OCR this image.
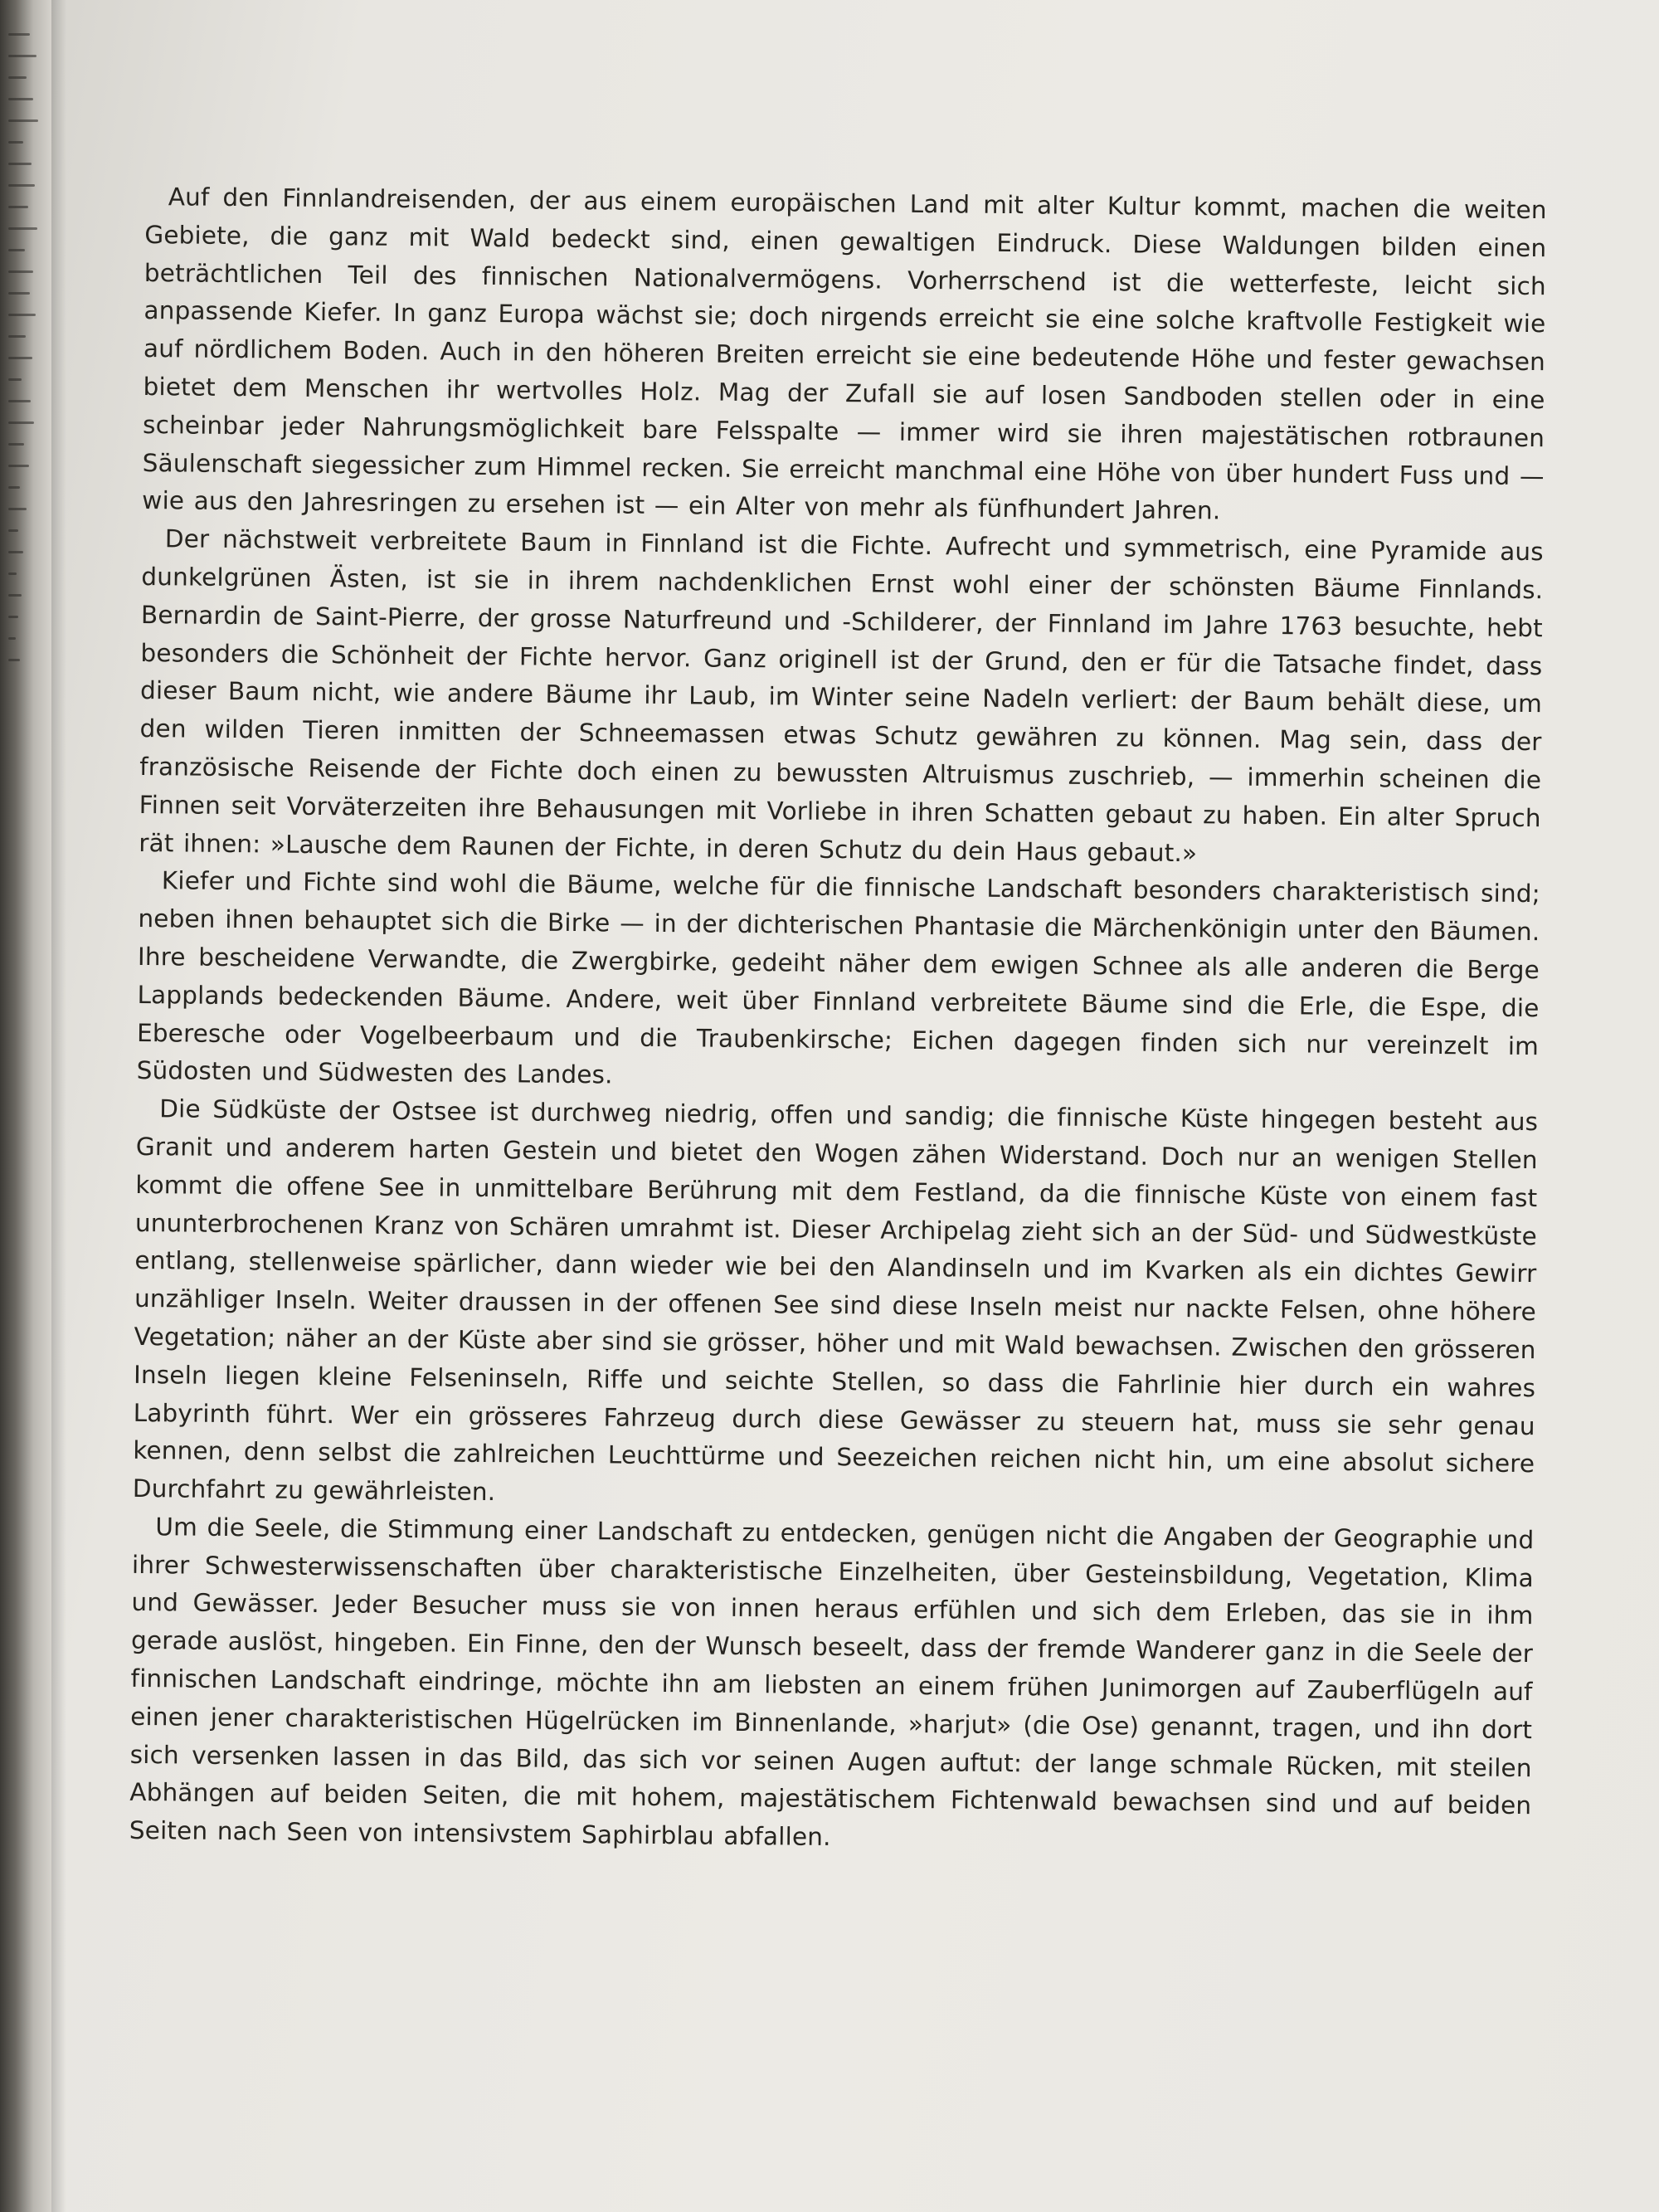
Auf den Finnlandreisenden, der aus einem europäischen Land mit alter Kultur kommt, machen die weiten Gebiete, die ganz mit Wald bedeckt sind, einen gewaltigen Eindruck. Diese Waldungen bilden einen beträchtlichen Teil des finnischen Nationalvermögens. Vorherrschend ist die wetterfeste, leicht sich anpassende Kiefer. In ganz Europa wächst sie; doch nirgends erreicht sie eine solche kraftvolle Festigkeit wie auf nördlichem Boden. Auch in den höheren Breiten erreicht sie eine bedeutende Höhe und fester gewachsen bietet dem Menschen ihr wertvolles Holz. Mag der Zufall sie auf losen Sandboden stellen oder in eine scheinbar jeder Nahrungsmöglichkeit bare Felsspalte — immer wird sie ihren majestätischen rotbraunen Säulenschaft siegessicher zum Himmel recken. Sie erreicht manchmal eine Höhe von über hundert Fuss und — wie aus den Jahresringen zu ersehen ist — ein Alter von mehr als fünfhundert Jahren.

Der nächstweit verbreitete Baum in Finnland ist die Fichte. Aufrecht und symmetrisch, eine Pyramide aus dunkelgrünen Ästen, ist sie in ihrem nachdenklichen Ernst wohl einer der schönsten Bäume Finnlands. Bernardin de Saint-Pierre, der grosse Naturfreund und -Schilderer, der Finnland im Jahre 1763 besuchte, hebt besonders die Schönheit der Fichte hervor. Ganz originell ist der Grund, den er für die Tatsache findet, dass dieser Baum nicht, wie andere Bäume ihr Laub, im Winter seine Nadeln verliert: der Baum behält diese, um den wilden Tieren inmitten der Schneemassen etwas Schutz gewähren zu können. Mag sein, dass der französische Reisende der Fichte doch einen zu bewussten Altruismus zuschrieb, — immerhin scheinen die Finnen seit Vorväterzeiten ihre Behausungen mit Vorliebe in ihren Schatten gebaut zu haben. Ein alter Spruch rät ihnen: »Lausche dem Raunen der Fichte, in deren Schutz du dein Haus gebaut.»

Kiefer und Fichte sind wohl die Bäume, welche für die finnische Landschaft besonders charakteristisch sind; neben ihnen behauptet sich die Birke — in der dichterischen Phantasie die Märchenkönigin unter den Bäumen. Ihre bescheidene Verwandte, die Zwergbirke, gedeiht näher dem ewigen Schnee als alle anderen die Berge Lapplands bedeckenden Bäume. Andere, weit über Finnland verbreitete Bäume sind die Erle, die Espe, die Eberesche oder Vogelbeerbaum und die Traubenkirsche; Eichen dagegen finden sich nur vereinzelt im Südosten und Südwesten des Landes.

Die Südküste der Ostsee ist durchweg niedrig, offen und sandig; die finnische Küste hingegen besteht aus Granit und anderem harten Gestein und bietet den Wogen zähen Widerstand. Doch nur an wenigen Stellen kommt die offene See in unmittelbare Berührung mit dem Festland, da die finnische Küste von einem fast ununterbrochenen Kranz von Schären umrahmt ist. Dieser Archipelag zieht sich an der Süd- und Südwestküste entlang, stellenweise spärlicher, dann wieder wie bei den Alandinseln und im Kvarken als ein dichtes Gewirr unzähliger Inseln. Weiter draussen in der offenen See sind diese Inseln meist nur nackte Felsen, ohne höhere Vegetation; näher an der Küste aber sind sie grösser, höher und mit Wald bewachsen. Zwischen den grösseren Inseln liegen kleine Felseninseln, Riffe und seichte Stellen, so dass die Fahrlinie hier durch ein wahres Labyrinth führt. Wer ein grösseres Fahrzeug durch diese Gewässer zu steuern hat, muss sie sehr genau kennen, denn selbst die zahlreichen Leuchttürme und Seezeichen reichen nicht hin, um eine absolut sichere Durchfahrt zu gewährleisten.

Um die Seele, die Stimmung einer Landschaft zu entdecken, genügen nicht die Angaben der Geographie und ihrer Schwesterwissenschaften über charakteristische Einzelheiten, über Gesteinsbildung, Vegetation, Klima und Gewässer. Jeder Besucher muss sie von innen heraus erfühlen und sich dem Erleben, das sie in ihm gerade auslöst, hingeben. Ein Finne, den der Wunsch beseelt, dass der fremde Wanderer ganz in die Seele der finnischen Landschaft eindringe, möchte ihn am liebsten an einem frühen Junimorgen auf Zauberflügeln auf einen jener charakteristischen Hügelrücken im Binnenlande, »harjut» (die Ose) genannt, tragen, und ihn dort sich versenken lassen in das Bild, das sich vor seinen Augen auftut: der lange schmale Rücken, mit steilen Abhängen auf beiden Seiten, die mit hohem, majestätischem Fichtenwald bewachsen sind und auf beiden Seiten nach Seen von intensivstem Saphirblau abfallen.
